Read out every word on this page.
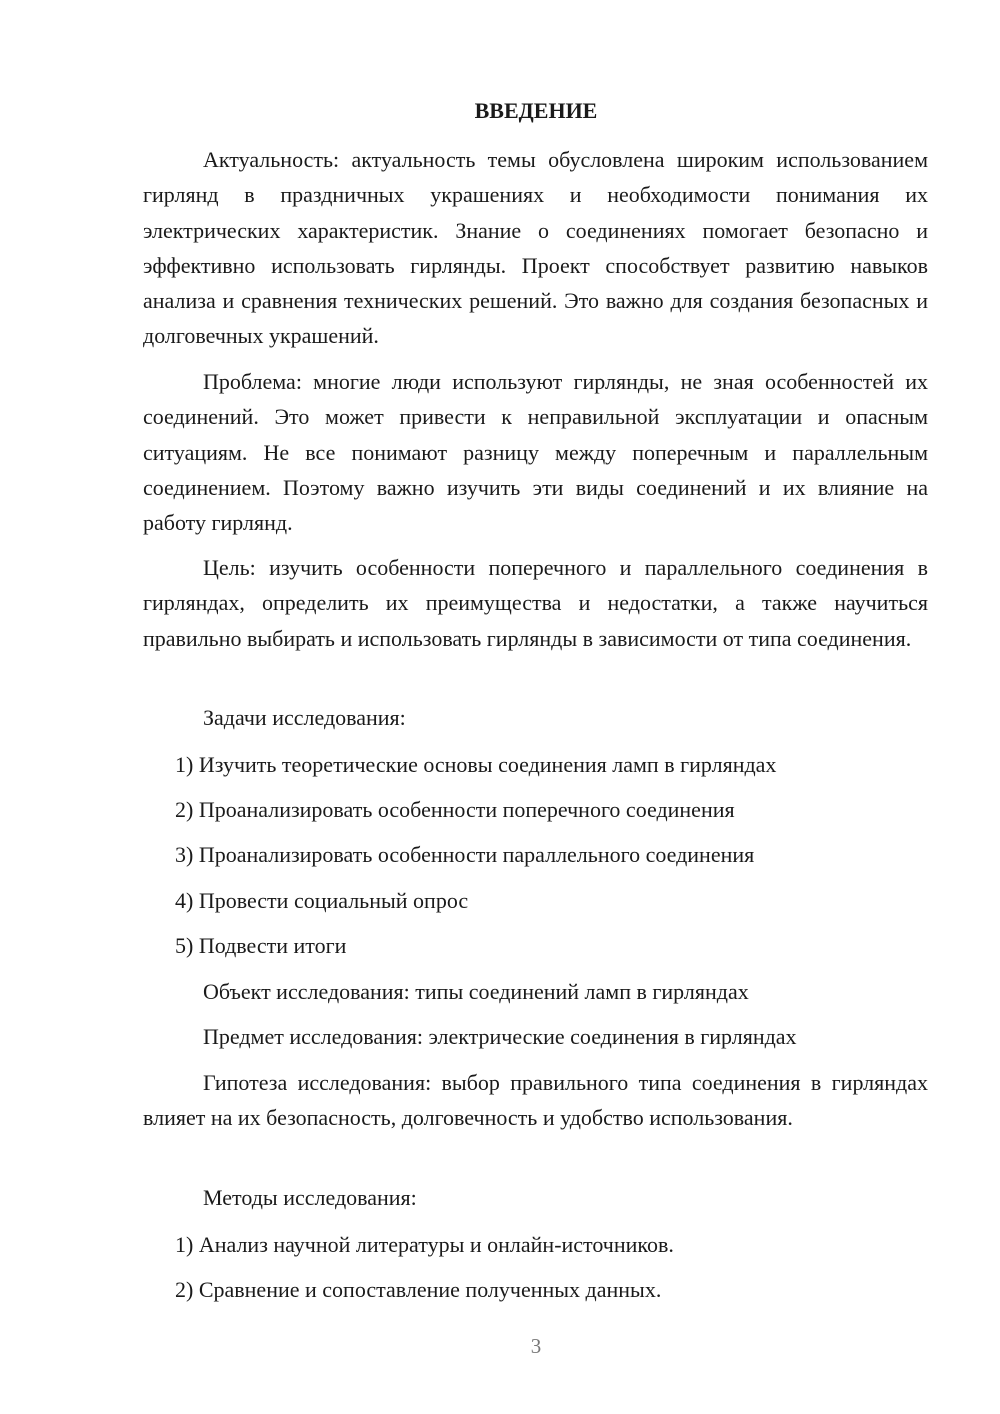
ВВЕДЕНИЕ
Актуальность: актуальность темы обусловлена широким использованием гирлянд в праздничных украшениях и необходимости понимания их электрических характеристик. Знание о соединениях помогает безопасно и эффективно использовать гирлянды. Проект способствует развитию навыков анализа и сравнения технических решений. Это важно для создания безопасных и долговечных украшений.
Проблема: многие люди используют гирлянды, не зная особенностей их соединений. Это может привести к неправильной эксплуатации и опасным ситуациям. Не все понимают разницу между поперечным и параллельным соединением. Поэтому важно изучить эти виды соединений и их влияние на работу гирлянд.
Цель: изучить особенности поперечного и параллельного соединения в гирляндах, определить их преимущества и недостатки, а также научиться правильно выбирать и использовать гирлянды в зависимости от типа соединения.
Задачи исследования:
1) Изучить теоретические основы соединения ламп в гирляндах
2) Проанализировать особенности поперечного соединения
3) Проанализировать особенности параллельного соединения
4) Провести социальный опрос
5) Подвести итоги
Объект исследования: типы соединений ламп в гирляндах
Предмет исследования: электрические соединения в гирляндах
Гипотеза исследования: выбор правильного типа соединения в гирляндах влияет на их безопасность, долговечность и удобство использования.
Методы исследования:
1) Анализ научной литературы и онлайн-источников.
2) Сравнение и сопоставление полученных данных.
3
